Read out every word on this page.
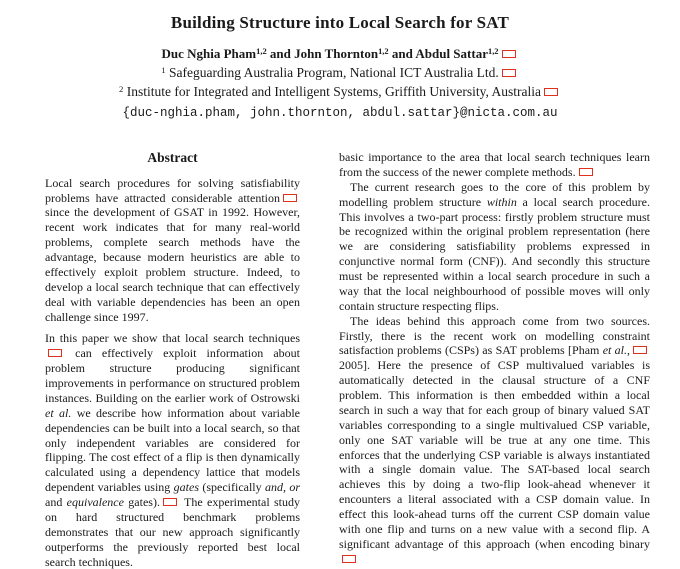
Building Structure into Local Search for SAT
Duc Nghia Pham$^{1,2}$ and John Thornton$^{1,2}$ and Abdul Sattar$^{1,2}$
$^1$ Safeguarding Australia Program, National ICT Australia Ltd.
$^2$ Institute for Integrated and Intelligent Systems, Griffith University, Australia
{duc-nghia.pham, john.thornton, abdul.sattar}@nicta.com.au
Abstract

Local search procedures for solving satisfiability problems have attracted considerable attention since the development of GSAT in 1992. However, recent work indicates that for many real-world problems, complete search methods have the advantage, because modern heuristics are able to effectively exploit problem structure. Indeed, to develop a local search technique that can effectively deal with variable dependencies has been an open challenge since 1997.

In this paper we show that local search techniques can effectively exploit information about problem structure producing significant improvements in performance on structured problem instances. Building on the earlier work of Ostrowski et al. we describe how information about variable dependencies can be built into a local search, so that only independent variables are considered for flipping. The cost effect of a flip is then dynamically calculated using a dependency lattice that models dependent variables using gates (specifically and, or and equivalence gates). The experimental study on hard structured benchmark problems demonstrates that our new approach significantly outperforms the previously reported best local search techniques.

basic importance to the area that local search techniques learn from the success of the newer complete methods.

The current research goes to the core of this problem by modelling problem structure within a local search procedure. This involves a two-part process: firstly problem structure must be recognized within the original problem representation (here we are considering satisfiability problems expressed in conjunctive normal form (CNF)). And secondly this structure must be represented within a local search procedure in such a way that the local neighbourhood of possible moves will only contain structure respecting flips.

The ideas behind this approach come from two sources. Firstly, there is the recent work on modelling constraint satisfaction problems (CSPs) as SAT problems [Pham et al., 2005]. Here the presence of CSP multivalued variables is automatically detected in the clausal structure of a CNF problem. This information is then embedded within a local search in such a way that for each group of binary valued SAT variables corresponding to a single multivalued CSP variable, only one SAT variable will be true at any one time. This enforces that the underlying CSP variable is always instantiated with a single domain value. The SAT-based local search achieves this by doing a two-flip look-ahead whenever it encounters a literal associated with a CSP domain value. In effect this look-ahead turns off the current CSP domain value with one flip and turns on a new value with a second flip. A significant advantage of this approach (when encoding binary
